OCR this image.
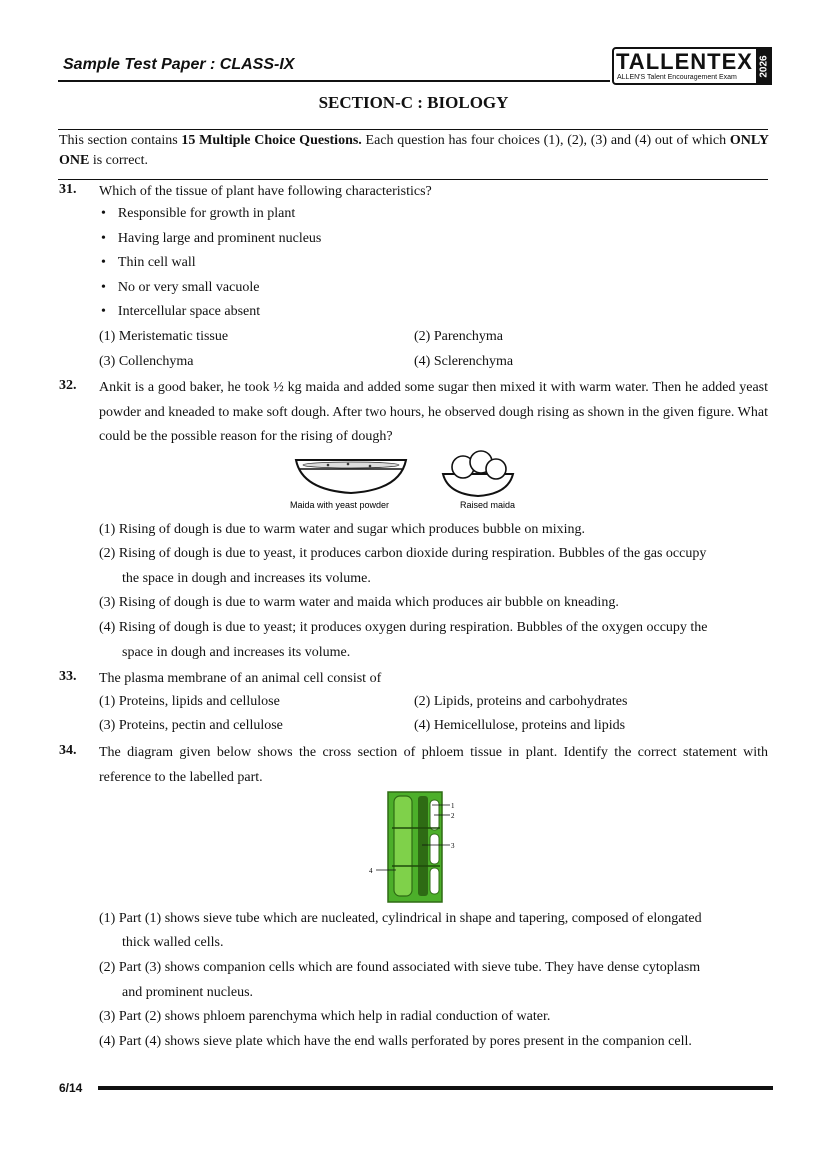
Sample Test Paper : CLASS-IX	TALLENTEX
ALLEN'S Talent Encouragement Exam
2026
SECTION-C : BIOLOGY
This section contains 15 Multiple Choice Questions. Each question has four choices (1), (2), (3) and (4) out of which ONLY ONE is correct.
31. Which of the tissue of plant have following characteristics?
• Responsible for growth in plant
• Having large and prominent nucleus
• Thin cell wall
• No or very small vacuole
• Intercellular space absent
(1) Meristematic tissue	(2) Parenchyma
(3) Collenchyma	(4) Sclerenchyma
32. Ankit is a good baker, he took ½ kg maida and added some sugar then mixed it with warm water. Then he added yeast powder and kneaded to make soft dough. After two hours, he observed dough rising as shown in the given figure. What could be the possible reason for the rising of dough?
Maida with yeast powder	Raised maida
(1) Rising of dough is due to warm water and sugar which produces bubble on mixing.
(2) Rising of dough is due to yeast, it produces carbon dioxide during respiration. Bubbles of the gas occupy
the space in dough and increases its volume.
(3) Rising of dough is due to warm water and maida which produces air bubble on kneading.
(4) Rising of dough is due to yeast; it produces oxygen during respiration. Bubbles of the oxygen occupy the
space in dough and increases its volume.
33. The plasma membrane of an animal cell consist of
(1) Proteins, lipids and cellulose	(2) Lipids, proteins and carbohydrates
(3) Proteins, pectin and cellulose	(4) Hemicellulose, proteins and lipids
34. The diagram given below shows the cross section of phloem tissue in plant. Identify the correct statement with reference to the labelled part.
1
2
3
4
(1) Part (1) shows sieve tube which are nucleated, cylindrical in shape and tapering, composed of elongated
thick walled cells.
(2) Part (3) shows companion cells which are found associated with sieve tube. They have dense cytoplasm
and prominent nucleus.
(3) Part (2) shows phloem parenchyma which help in radial conduction of water.
(4) Part (4) shows sieve plate which have the end walls perforated by pores present in the companion cell.
6/14
